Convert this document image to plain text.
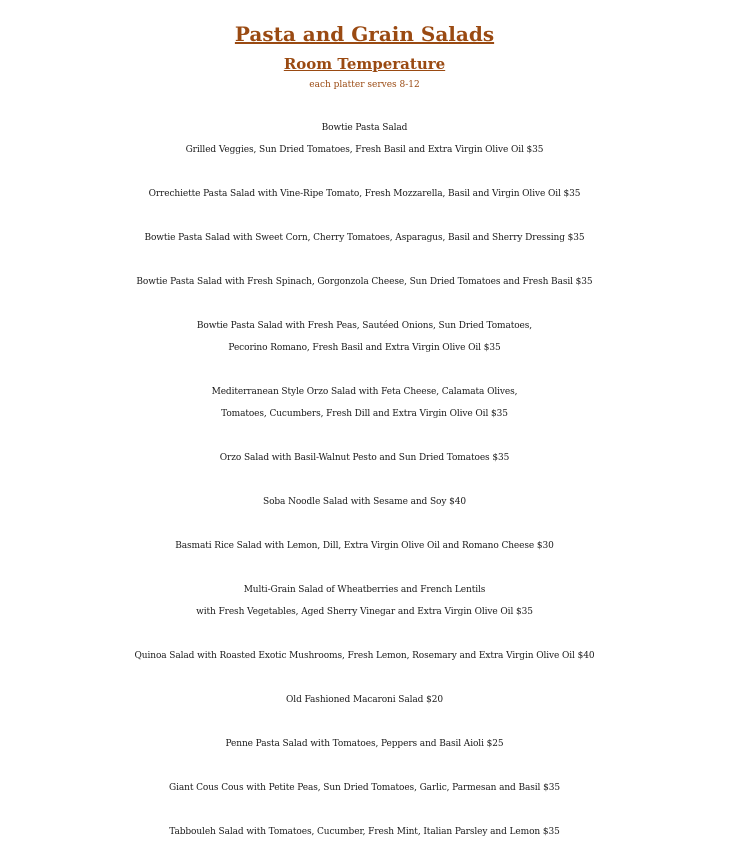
Pasta and Grain Salads
Room Temperature
each platter serves 8-12
Bowtie Pasta Salad
Grilled Veggies, Sun Dried Tomatoes, Fresh Basil and Extra Virgin Olive Oil $35
Orrechiette Pasta Salad with Vine-Ripe Tomato, Fresh Mozzarella, Basil and Virgin Olive Oil $35
Bowtie Pasta Salad with Sweet Corn, Cherry Tomatoes, Asparagus, Basil and Sherry Dressing $35
Bowtie Pasta Salad with Fresh Spinach, Gorgonzola Cheese, Sun Dried Tomatoes and Fresh Basil $35
Bowtie Pasta Salad with Fresh Peas, Sautéed Onions, Sun Dried Tomatoes,
Pecorino Romano, Fresh Basil and Extra Virgin Olive Oil $35
Mediterranean Style Orzo Salad with Feta Cheese, Calamata Olives,
Tomatoes, Cucumbers, Fresh Dill and Extra Virgin Olive Oil $35
Orzo Salad with Basil-Walnut Pesto and Sun Dried Tomatoes $35
Soba Noodle Salad with Sesame and Soy $40
Basmati Rice Salad with Lemon, Dill, Extra Virgin Olive Oil and Romano Cheese $30
Multi-Grain Salad of Wheatberries and French Lentils
with Fresh Vegetables, Aged Sherry Vinegar and Extra Virgin Olive Oil $35
Quinoa Salad with Roasted Exotic Mushrooms, Fresh Lemon, Rosemary and Extra Virgin Olive Oil $40
Old Fashioned Macaroni Salad $20
Penne Pasta Salad with Tomatoes, Peppers and Basil Aioli $25
Giant Cous Cous with Petite Peas, Sun Dried Tomatoes, Garlic, Parmesan and Basil $35
Tabbouleh Salad with Tomatoes, Cucumber, Fresh Mint, Italian Parsley and Lemon $35
